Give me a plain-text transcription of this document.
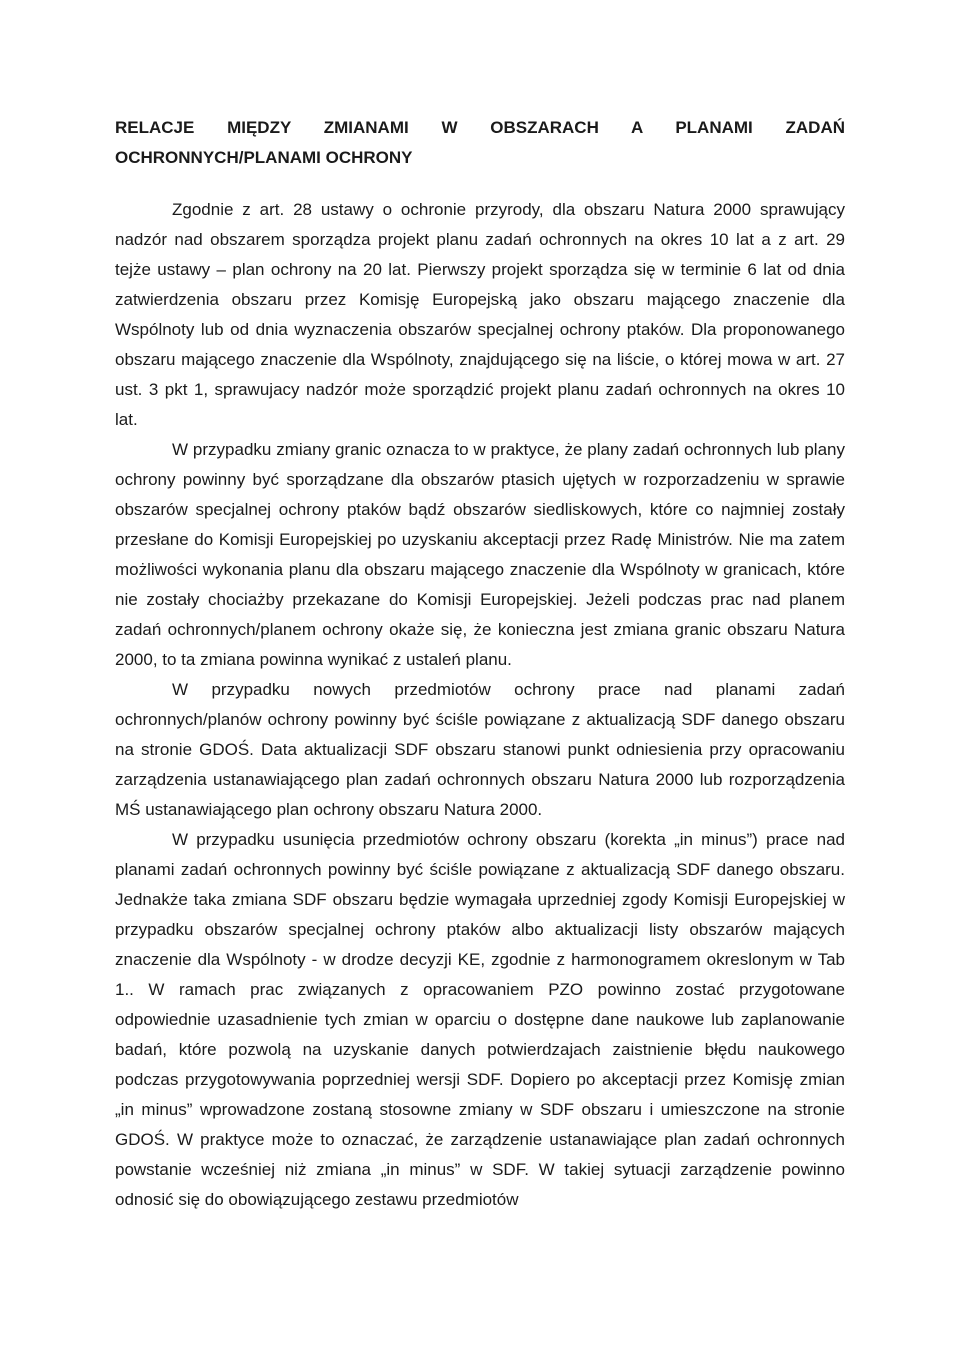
RELACJE MIĘDZY ZMIANAMI W OBSZARACH A PLANAMI ZADAŃ OCHRONNYCH/PLANAMI OCHRONY

Zgodnie z art. 28 ustawy o ochronie przyrody, dla obszaru Natura 2000 sprawujący nadzór nad obszarem sporządza projekt planu zadań ochronnych na okres 10 lat a z art. 29 tejże ustawy – plan ochrony na 20 lat. Pierwszy projekt sporządza się w terminie 6 lat od dnia zatwierdzenia obszaru przez Komisję Europejską jako obszaru mającego znaczenie dla Wspólnoty lub od dnia wyznaczenia obszarów specjalnej ochrony ptaków. Dla proponowanego obszaru mającego znaczenie dla Wspólnoty, znajdującego się na liście, o której mowa w art. 27 ust. 3 pkt 1, sprawujacy nadzór może sporządzić projekt planu zadań ochronnych na okres 10 lat.

W przypadku zmiany granic oznacza to w praktyce, że plany zadań ochronnych lub plany ochrony powinny być sporządzane dla obszarów ptasich ujętych w rozporzadzeniu w sprawie obszarów specjalnej ochrony ptaków bądź obszarów siedliskowych, które co najmniej zostały przesłane do Komisji Europejskiej po uzyskaniu akceptacji przez Radę Ministrów. Nie ma zatem możliwości wykonania planu dla obszaru mającego znaczenie dla Wspólnoty w granicach, które nie zostały chociażby przekazane do Komisji Europejskiej. Jeżeli podczas prac nad planem zadań ochronnych/planem ochrony okaże się, że konieczna jest zmiana granic obszaru Natura 2000, to ta zmiana powinna wynikać z ustaleń planu.

W przypadku nowych przedmiotów ochrony prace nad planami zadań ochronnych/planów ochrony powinny być ściśle powiązane z aktualizacją SDF danego obszaru na stronie GDOŚ. Data aktualizacji SDF obszaru stanowi punkt odniesienia przy opracowaniu zarządzenia ustanawiającego plan zadań ochronnych obszaru Natura 2000 lub rozporządzenia MŚ ustanawiającego plan ochrony obszaru Natura 2000.

W przypadku usunięcia przedmiotów ochrony obszaru (korekta „in minus”) prace nad planami zadań ochronnych powinny być ściśle powiązane z aktualizacją SDF danego obszaru. Jednakże taka zmiana SDF obszaru będzie wymagała uprzedniej zgody Komisji Europejskiej w przypadku obszarów specjalnej ochrony ptaków albo aktualizacji listy obszarów mających znaczenie dla Wspólnoty - w drodze decyzji KE, zgodnie z harmonogramem okreslonym w Tab 1.. W ramach prac związanych z opracowaniem PZO powinno zostać przygotowane odpowiednie uzasadnienie tych zmian w oparciu o dostępne dane naukowe lub zaplanowanie badań, które pozwolą na uzyskanie danych potwierdzajach zaistnienie błędu naukowego podczas przygotowywania poprzedniej wersji SDF. Dopiero po akceptacji przez Komisję zmian „in minus” wprowadzone zostaną stosowne zmiany w SDF obszaru i umieszczone na stronie GDOŚ. W praktyce może to oznaczać, że zarządzenie ustanawiające plan zadań ochronnych powstanie wcześniej niż zmiana „in minus” w SDF. W takiej sytuacji zarządzenie powinno odnosić się do obowiązującego zestawu przedmiotów
